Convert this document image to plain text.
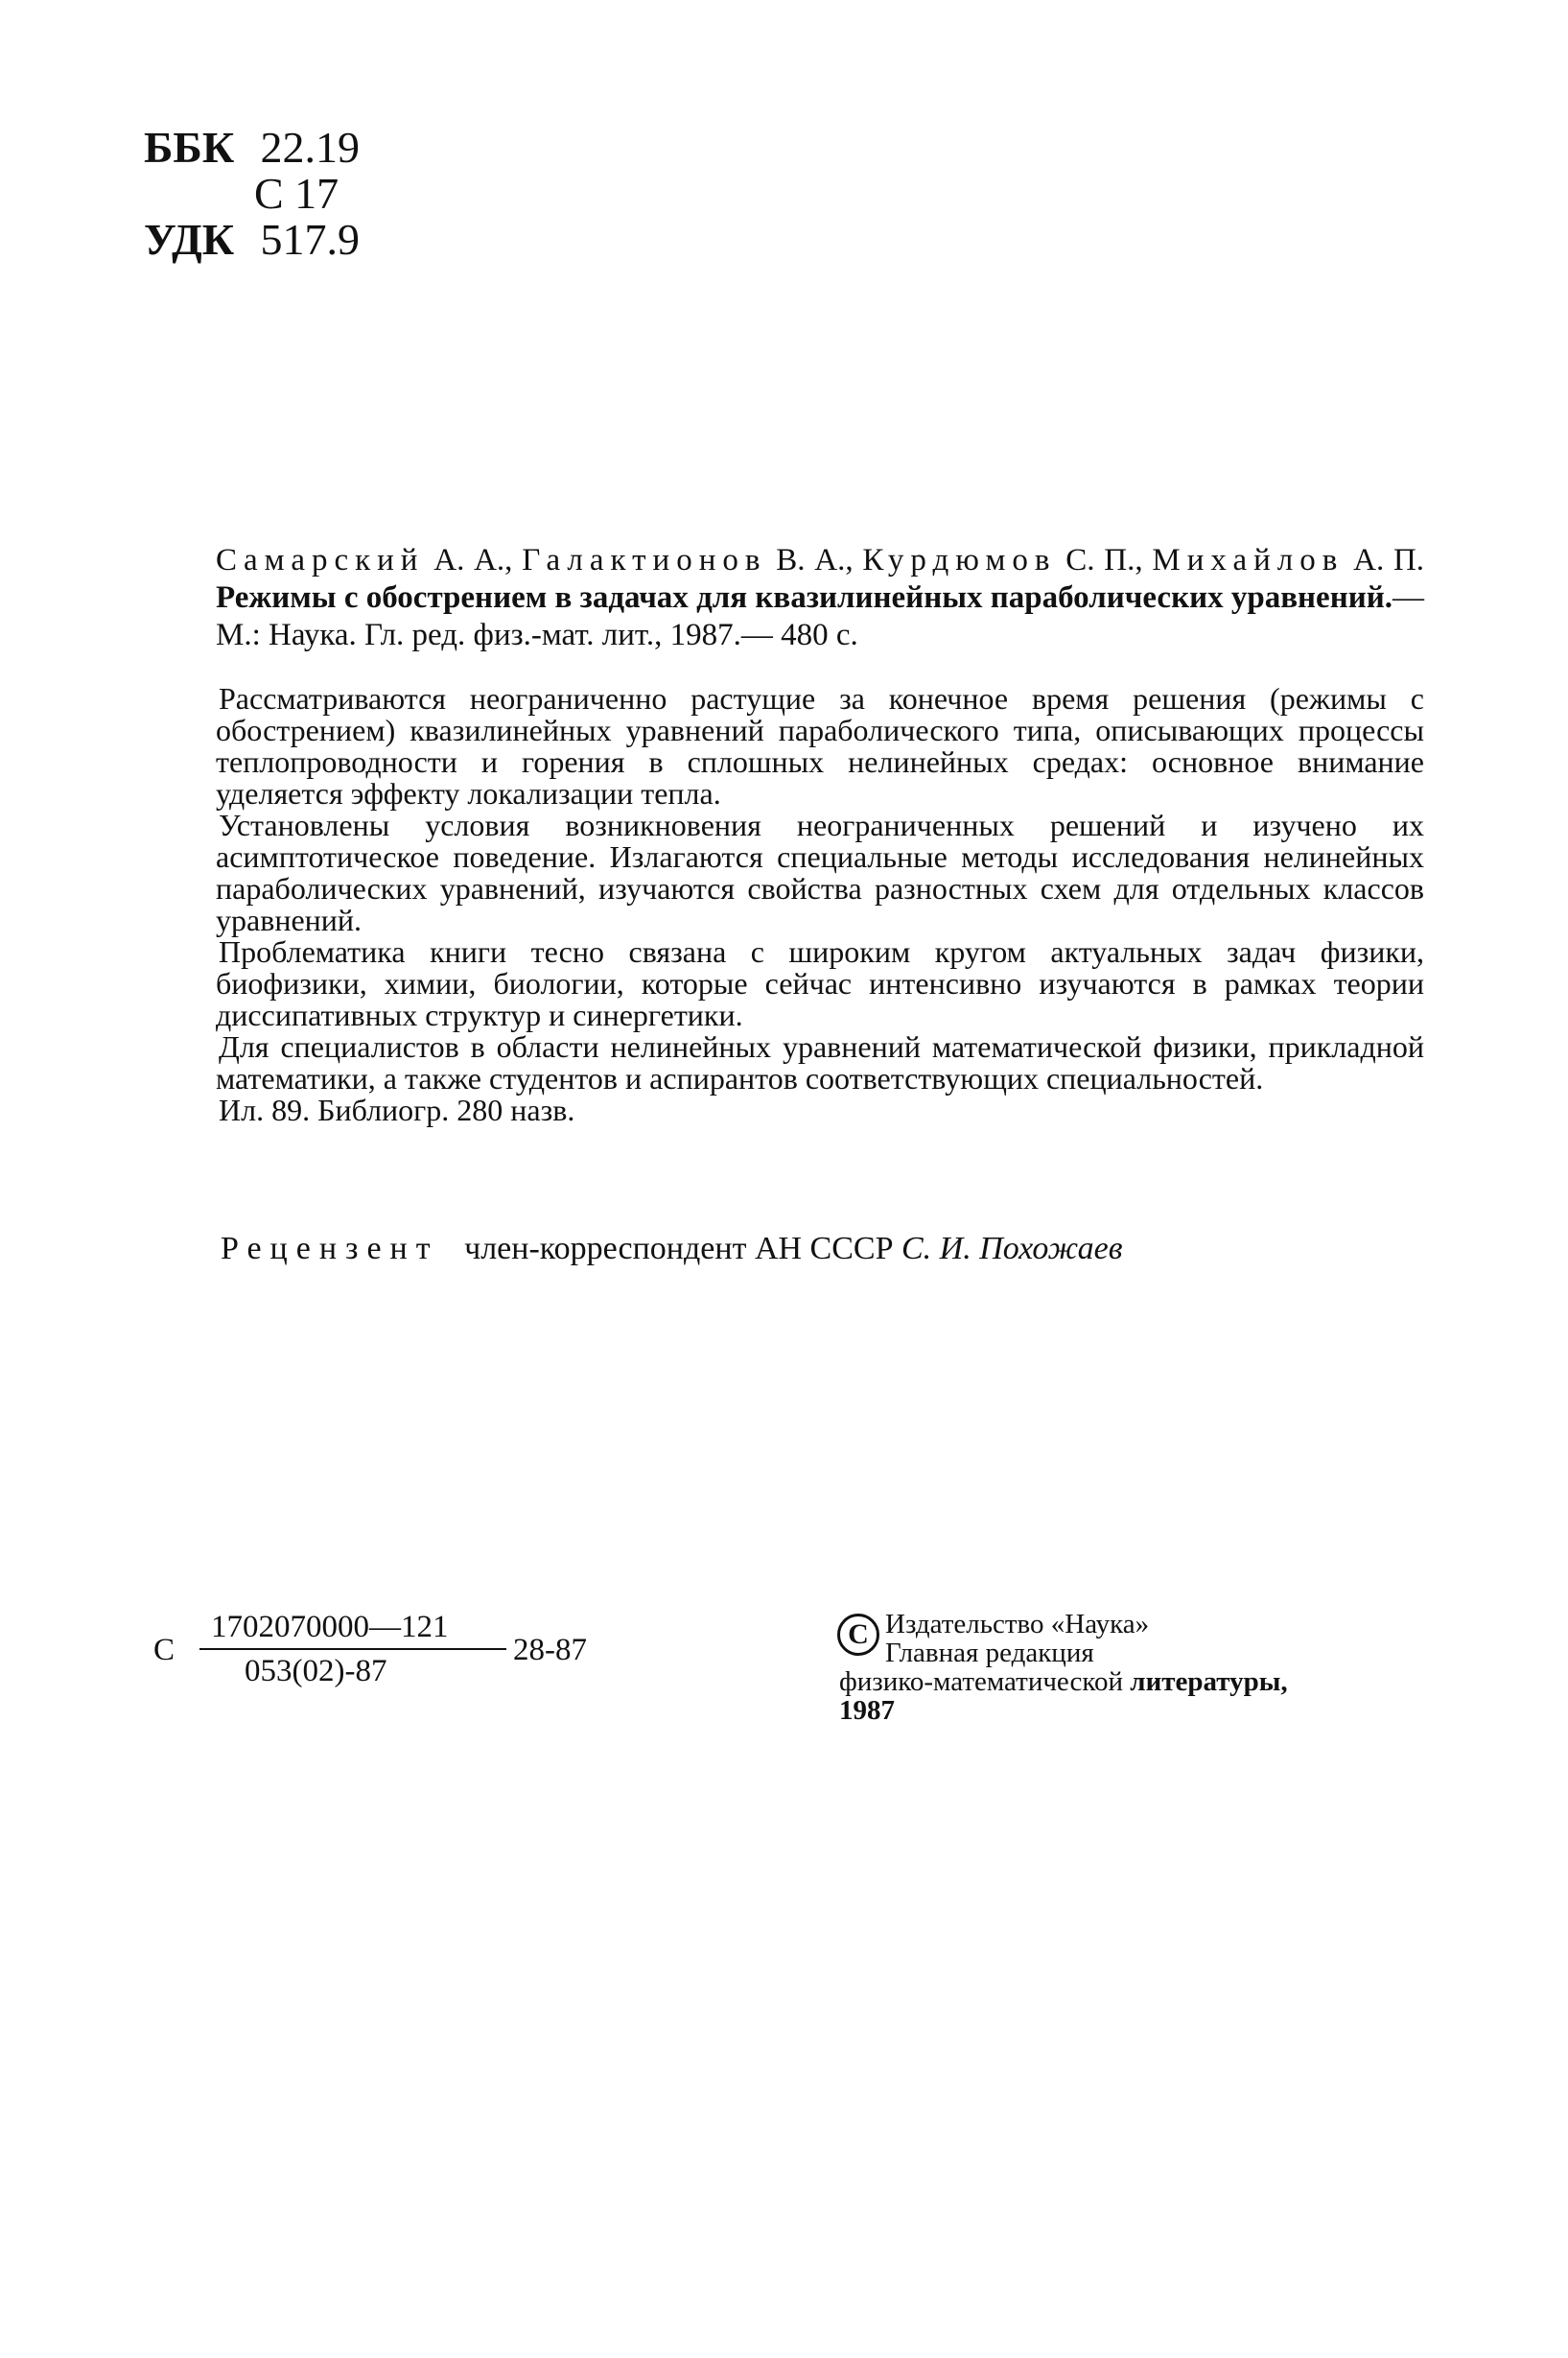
ББК 22.19
С 17
УДК 517.9
Самарский А. А., Галактионов В. А., Курдюмов С. П., Михайлов А. П. Режимы с обострением в задачах для квазилинейных параболических уравнений.— М.: Наука. Гл. ред. физ.-мат. лит., 1987.— 480 с.

Рассматриваются неограниченно растущие за конечное время решения (режимы с обострением) квазилинейных уравнений параболического типа, описывающих процессы теплопроводности и горения в сплошных нелинейных средах: основное внимание уделяется эффекту локализации тепла.

Установлены условия возникновения неограниченных решений и изучено их асимптотическое поведение. Излагаются специальные методы исследования нелинейных параболических уравнений, изучаются свойства разностных схем для отдельных классов уравнений.

Проблематика книги тесно связана с широким кругом актуальных задач физики, биофизики, химии, биологии, которые сейчас интенсивно изучаются в рамках теории диссипативных структур и синергетики.

Для специалистов в области нелинейных уравнений математической физики, прикладной математики, а также студентов и аспирантов соответствующих специальностей.

Ил. 89. Библиогр. 280 назв.

Рецензент член-корреспондент АН СССР С. И. Похожаев
С
1702070000—121
053(02)-87
28-87	C Издательство «Наука»
Главная редакция
физико-математической литературы,
1987
